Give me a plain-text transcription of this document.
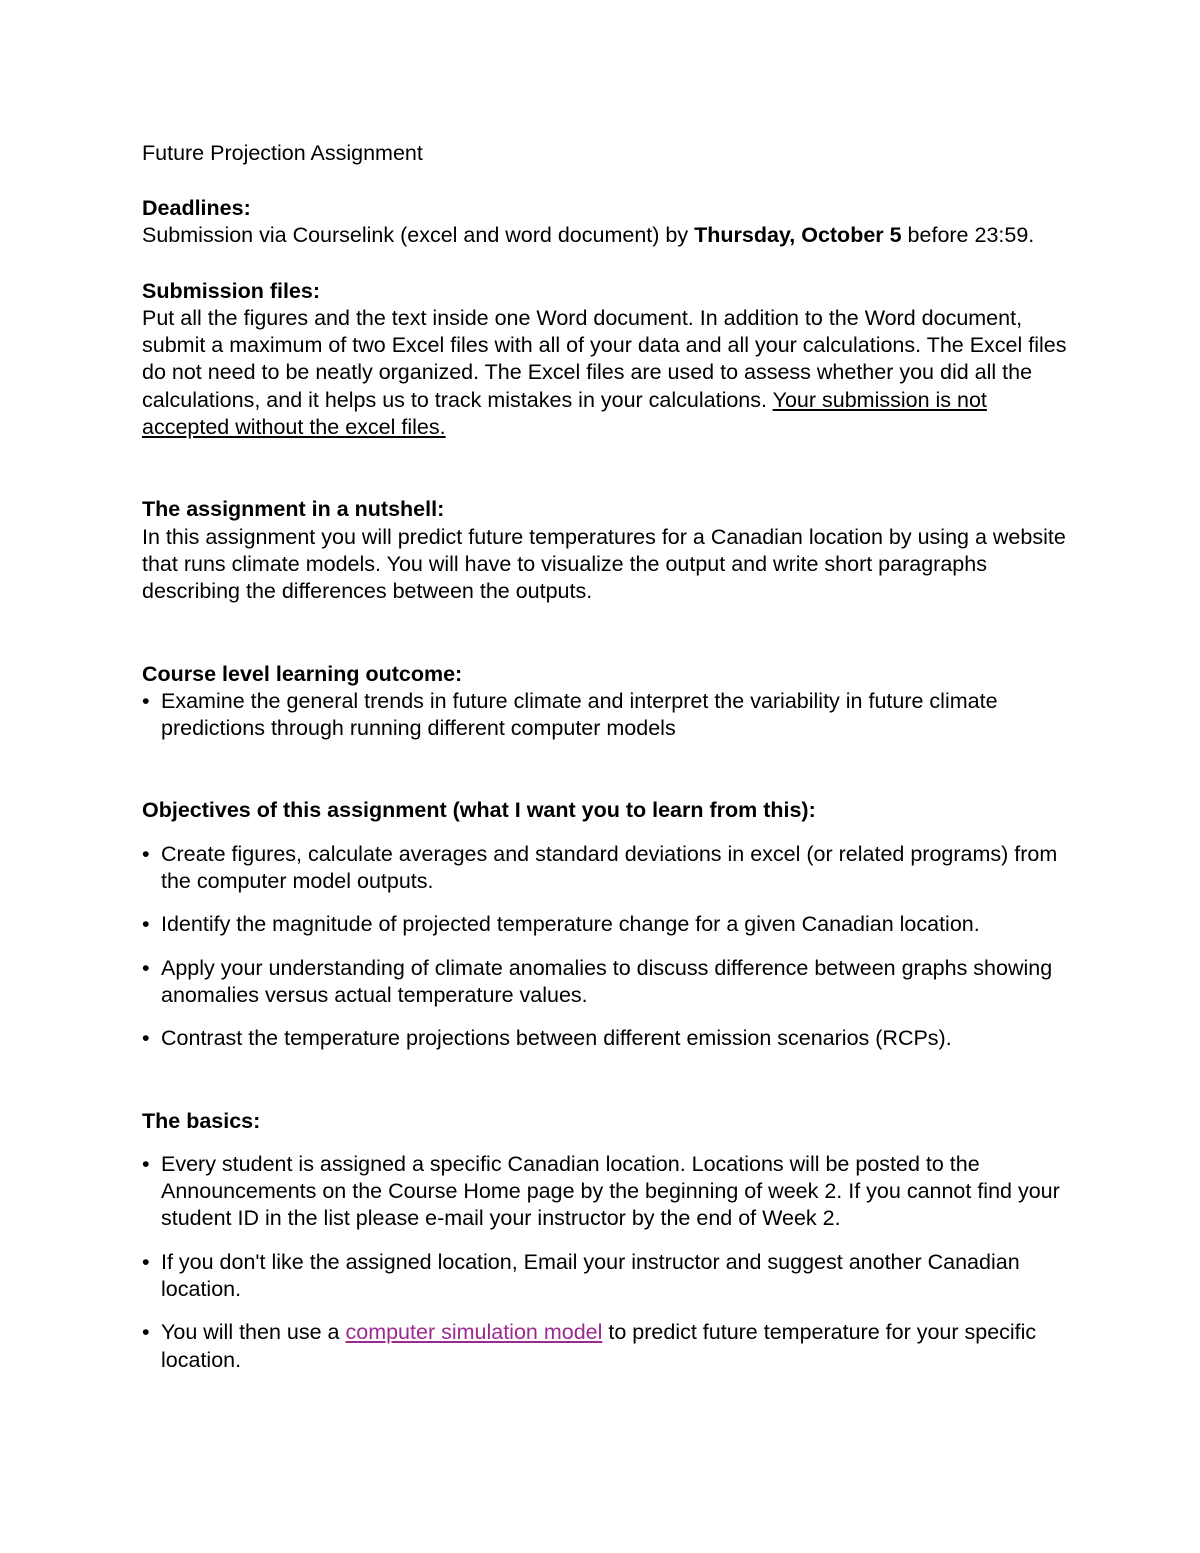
Future Projection Assignment

Deadlines:

Submission via Courselink (excel and word document) by Thursday, October 5 before 23:59.

Submission files:

Put all the figures and the text inside one Word document. In addition to the Word document, submit a maximum of two Excel files with all of your data and all your calculations. The Excel files do not need to be neatly organized. The Excel files are used to assess whether you did all the calculations, and it helps us to track mistakes in your calculations. Your submission is not accepted without the excel files.

The assignment in a nutshell:

In this assignment you will predict future temperatures for a Canadian location by using a website that runs climate models. You will have to visualize the output and write short paragraphs describing the differences between the outputs.

Course level learning outcome:

• Examine the general trends in future climate and interpret the variability in future climate predictions through running different computer models

Objectives of this assignment (what I want you to learn from this):

• Create figures, calculate averages and standard deviations in excel (or related programs) from the computer model outputs.
• Identify the magnitude of projected temperature change for a given Canadian location.
• Apply your understanding of climate anomalies to discuss difference between graphs showing anomalies versus actual temperature values.
• Contrast the temperature projections between different emission scenarios (RCPs).

The basics:

• Every student is assigned a specific Canadian location. Locations will be posted to the Announcements on the Course Home page by the beginning of week 2. If you cannot find your student ID in the list please e-mail your instructor by the end of Week 2.
• If you don't like the assigned location, Email your instructor and suggest another Canadian location.
• You will then use a computer simulation model to predict future temperature for your specific location.
